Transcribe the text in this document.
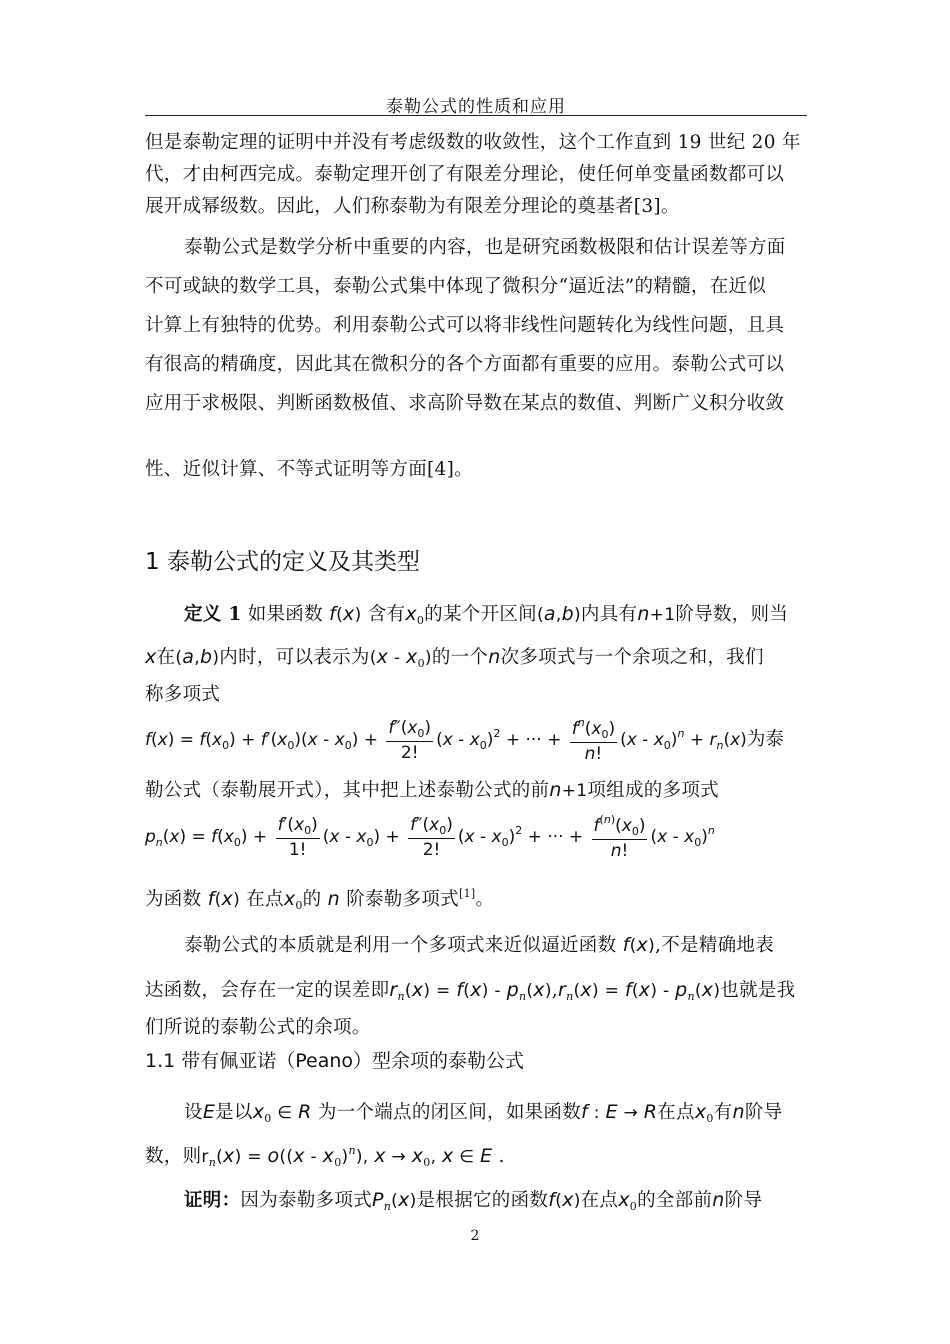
泰勒公式的性质和应用
但是泰勒定理的证明中并没有考虑级数的收敛性，这个工作直到 19 世纪 20 年
代，才由柯西完成。泰勒定理开创了有限差分理论，使任何单变量函数都可以
展开成幂级数。因此，人们称泰勒为有限差分理论的奠基者[3]。
泰勒公式是数学分析中重要的内容，也是研究函数极限和估计误差等方面
不可或缺的数学工具，泰勒公式集中体现了微积分“逼近法”的精髓，在近似
计算上有独特的优势。利用泰勒公式可以将非线性问题转化为线性问题，且具
有很高的精确度，因此其在微积分的各个方面都有重要的应用。泰勒公式可以
应用于求极限、判断函数极值、求高阶导数在某点的数值、判断广义积分收敛
性、近似计算、不等式证明等方面[4]。
1 泰勒公式的定义及其类型
定义 1 如果函数 f(x) 含有$x_0$的某个开区间(a,b)内具有n+1阶导数，则当
x在(a,b)内时，可以表示为$(x - x_0)$的一个n次多项式与一个余项之和，我们
称多项式
$f(x) = f(x_0) + f'(x_0)(x - x_0) + \frac{f''(x_0)}{2!} (x - x_0)^2$ + ··· + $\frac{f^n(x_0)}{n!} (x - x_0)^n + r_n(x)$为泰
勒公式（泰勒展开式），其中把上述泰勒公式的前n+1项组成的多项式
$p_n(x) = f(x_0) + \frac{f'(x_0)}{1!} (x - x_0) + \frac{f''(x_0)}{2!} (x - x_0)^2$ + ··· + $\frac{f^{(n)}(x_0)}{n!} (x - x_0)^n$
为函数 f(x) 在点$x_0$的 n 阶泰勒多项式[1]。
泰勒公式的本质就是利用一个多项式来近似逼近函数 f(x),不是精确地表
达函数，会存在一定的误差即$r_n(x) = f(x) - p_n(x),r_n(x) = f(x) - p_n(x)$也就是我
们所说的泰勒公式的余项。
1.1 带有佩亚诺（Peano）型余项的泰勒公式
设E是以$x_0$ ∈ R 为一个端点的闭区间，如果函数f : E → R在点$x_0$有n阶导
数，则$r_n(x) = o((x - x_0)^n)$, $x \to x_0$, x ∈ E .
证明：因为泰勒多项式$P_n(x)$是根据它的函数f(x)在点$x_0$的全部前n阶导
2
